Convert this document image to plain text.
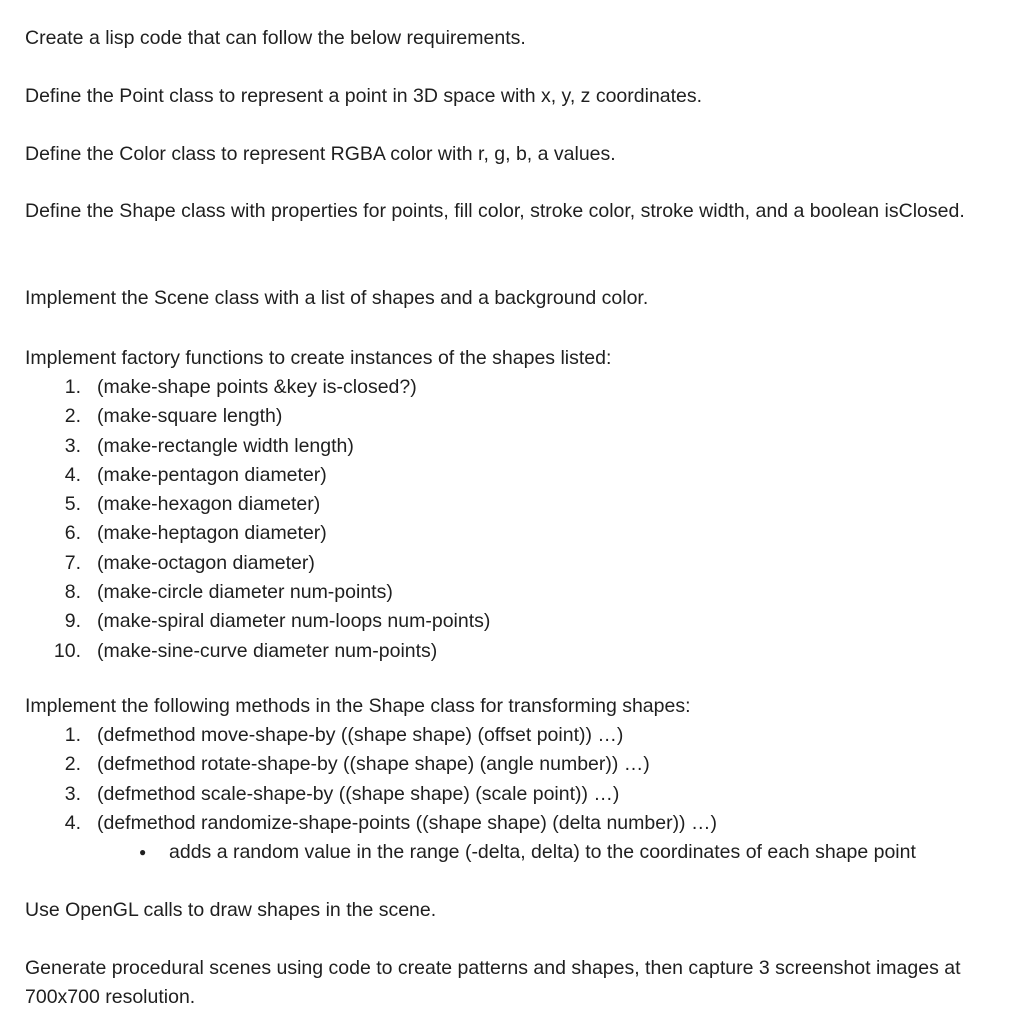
Create a lisp code that can follow the below requirements.

Define the Point class to represent a point in 3D space with x, y, z coordinates.

Define the Color class to represent RGBA color with r, g, b, a values.

Define the Shape class with properties for points, fill color, stroke color, stroke width, and a boolean isClosed.

Implement the Scene class with a list of shapes and a background color.

Implement factory functions to create instances of the shapes listed:

1. (make-shape points &key is-closed?)
2. (make-square length)
3. (make-rectangle width length)
4. (make-pentagon diameter)
5. (make-hexagon diameter)
6. (make-heptagon diameter)
7. (make-octagon diameter)
8. (make-circle diameter num-points)
9. (make-spiral diameter num-loops num-points)
10. (make-sine-curve diameter num-points)

Implement the following methods in the Shape class for transforming shapes:

1. (defmethod move-shape-by ((shape shape) (offset point)) …)
2. (defmethod rotate-shape-by ((shape shape) (angle number)) …)
3. (defmethod scale-shape-by ((shape shape) (scale point)) …)
4. (defmethod randomize-shape-points ((shape shape) (delta number)) …)
● adds a random value in the range (-delta, delta) to the coordinates of each shape point

Use OpenGL calls to draw shapes in the scene.

Generate procedural scenes using code to create patterns and shapes, then capture 3 screenshot images at 700x700 resolution.
